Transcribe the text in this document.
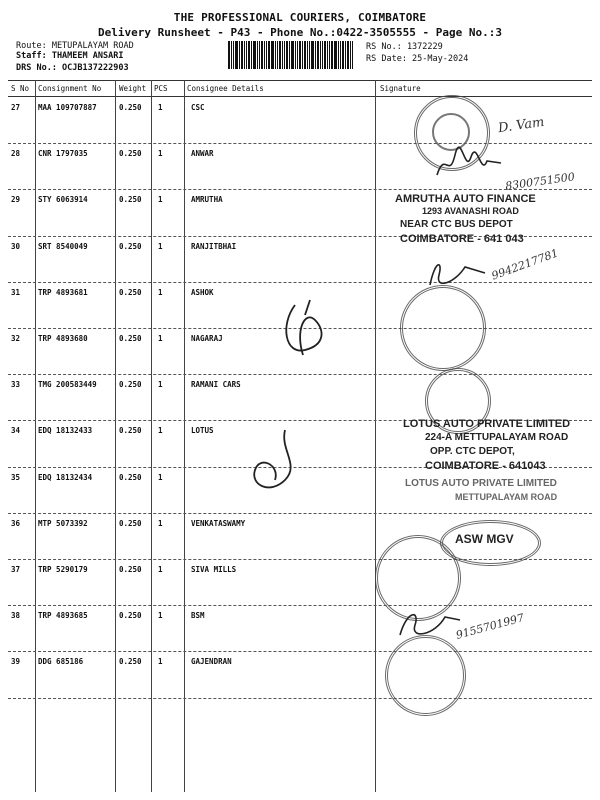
THE PROFESSIONAL COURIERS, COIMBATORE
Delivery Runsheet - P43 - Phone No.:0422-3505555 - Page No.:3
Route: METUPALAYAM ROAD
Staff: THAMEEM ANSARI
DRS No.: OCJB137222903
RS No.: 1372229
RS Date: 25-May-2024
S No Consignment No Weight PCS	Consignee Details	Signature
27 MAA 109707887	0.250 1	CSC
28 CNR 1797035	0.250 1	ANWAR
29 STY 6063914	0.250 1	AMRUTHA
30 SRT 8540049	0.250 1	RANJITBHAI
31 TRP 4893681	0.250 1	ASHOK
32 TRP 4893680	0.250 1	NAGARAJ
33 TMG 200583449	0.250 1	RAMANI CARS
34 EDQ 18132433	0.250 1	LOTUS
35 EDQ 18132434	0.250 1
36 MTP 5073392	0.250 1	VENKATASWAMY
37 TRP 5290179	0.250 1	SIVA MILLS
38 TRP 4893685	0.250 1	BSM
39 DDG 685186	0.250 1	GAJENDRAN
D. Vam
8300751500
AMRUTHA AUTO FINANCE
1293 AVANASHI ROAD
NEAR CTC BUS DEPOT
COIMBATORE - 641 043
9942217781
LOTUS AUTO PRIVATE LIMITED
224-A METTUPALAYAM ROAD
OPP. CTC DEPOT,
COIMBATORE - 641043
LOTUS AUTO PRIVATE LIMITED
METTUPALAYAM ROAD
ASW MGV
9155701997
